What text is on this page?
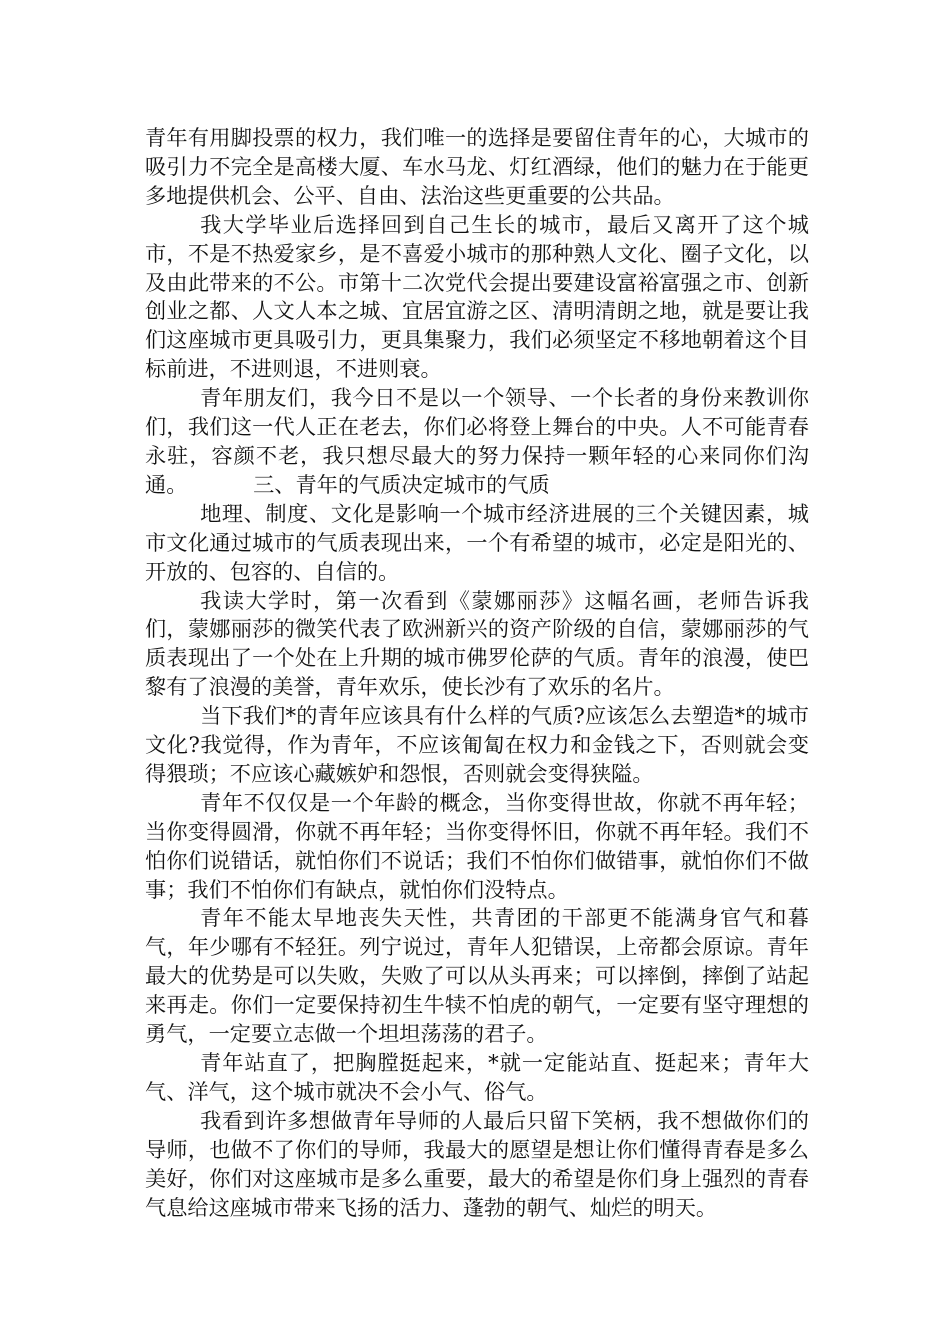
青年有用脚投票的权力，我们唯一的选择是要留住青年的心，大城市的吸引力不完全是高楼大厦、车水马龙、灯红酒绿，他们的魅力在于能更多地提供机会、公平、自由、法治这些更重要的公共品。

我大学毕业后选择回到自己生长的城市，最后又离开了这个城市，不是不热爱家乡，是不喜爱小城市的那种熟人文化、圈子文化，以及由此带来的不公。市第十二次党代会提出要建设富裕富强之市、创新创业之都、人文人本之城、宜居宜游之区、清明清朗之地，就是要让我们这座城市更具吸引力，更具集聚力，我们必须坚定不移地朝着这个目标前进，不进则退，不进则衰。

青年朋友们，我今日不是以一个领导、一个长者的身份来教训你们，我们这一代人正在老去，你们必将登上舞台的中央。人不可能青春永驻，容颜不老，我只想尽最大的努力保持一颗年轻的心来同你们沟通。	三、青年的气质决定城市的气质

地理、制度、文化是影响一个城市经济进展的三个关键因素，城市文化通过城市的气质表现出来，一个有希望的城市，必定是阳光的、开放的、包容的、自信的。

我读大学时，第一次看到《蒙娜丽莎》这幅名画，老师告诉我们，蒙娜丽莎的微笑代表了欧洲新兴的资产阶级的自信，蒙娜丽莎的气质表现出了一个处在上升期的城市佛罗伦萨的气质。青年的浪漫，使巴黎有了浪漫的美誉，青年欢乐，使长沙有了欢乐的名片。

当下我们*的青年应该具有什么样的气质?应该怎么去塑造*的城市文化?我觉得，作为青年，不应该匍匐在权力和金钱之下，否则就会变得猥琐；不应该心藏嫉妒和怨恨，否则就会变得狭隘。

青年不仅仅是一个年龄的概念，当你变得世故，你就不再年轻；当你变得圆滑，你就不再年轻；当你变得怀旧，你就不再年轻。我们不怕你们说错话，就怕你们不说话；我们不怕你们做错事，就怕你们不做事；我们不怕你们有缺点，就怕你们没特点。

青年不能太早地丧失天性，共青团的干部更不能满身官气和暮气，年少哪有不轻狂。列宁说过，青年人犯错误，上帝都会原谅。青年最大的优势是可以失败，失败了可以从头再来；可以摔倒，摔倒了站起来再走。你们一定要保持初生牛犊不怕虎的朝气，一定要有坚守理想的勇气，一定要立志做一个坦坦荡荡的君子。

青年站直了，把胸膛挺起来，*就一定能站直、挺起来；青年大气、洋气，这个城市就决不会小气、俗气。

我看到许多想做青年导师的人最后只留下笑柄，我不想做你们的导师，也做不了你们的导师，我最大的愿望是想让你们懂得青春是多么美好，你们对这座城市是多么重要，最大的希望是你们身上强烈的青春气息给这座城市带来飞扬的活力、蓬勃的朝气、灿烂的明天。
